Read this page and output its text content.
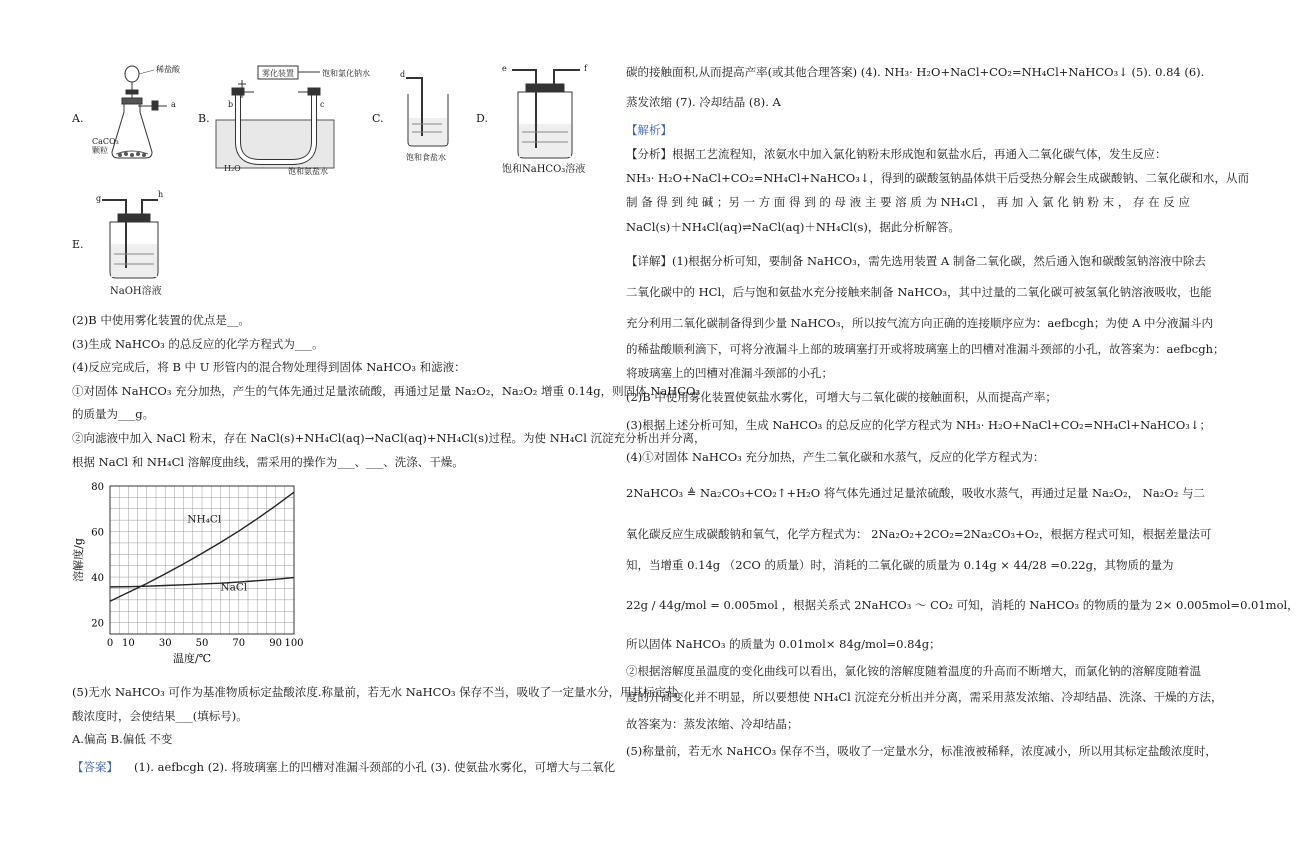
A.
稀盐酸
CaCO₃
颗粒
a
B.
雾化装置	饱和氯化钠水
b	c
H₂O	饱和氨盐水
C.
d
饱和食盐水
D.
e	f
饱和NaHCO₃溶液
E.
g	h
NaOH溶液
(2)B 中使用雾化装置的优点是__。
(3)生成 NaHCO₃ 的总反应的化学方程式为___。
(4)反应完成后，将 B 中 U 形管内的混合物处理得到固体 NaHCO₃ 和滤液：
①对固体 NaHCO₃ 充分加热，产生的气体先通过足量浓硫酸，再通过足量 Na₂O₂，Na₂O₂ 增重 0.14g，则固体 NaHCO₃
的质量为___g。
②向滤液中加入 NaCl 粉末，存在 NaCl(s)+NH₄Cl(aq)→NaCl(aq)+NH₄Cl(s)过程。为使 NH₄Cl 沉淀充分析出并分离，
根据 NaCl 和 NH₄Cl 溶解度曲线，需采用的操作为___、___、洗涤、干燥。
0 10 30 50 70 90 100
20
40
60
80
温度/℃
溶解度/g
NH₄Cl
NaCl
(5)无水 NaHCO₃ 可作为基准物质标定盐酸浓度.称量前，若无水 NaHCO₃ 保存不当，吸收了一定量水分，用其标定盐
酸浓度时，会使结果___(填标号)。
A.偏高 B.偏低 不变
【答案】 (1). aefbcgh (2). 将玻璃塞上的凹槽对准漏斗颈部的小孔 (3). 使氨盐水雾化，可增大与二氧化
碳的接触面积,从而提高产率(或其他合理答案) (4). NH₃· H₂O+NaCl+CO₂=NH₄Cl+NaHCO₃↓ (5). 0.84 (6).
蒸发浓缩 (7). 冷却结晶 (8). A
【解析】
【分析】根据工艺流程知，浓氨水中加入氯化钠粉末形成饱和氨盐水后，再通入二氧化碳气体，发生反应：
NH₃· H₂O+NaCl+CO₂=NH₄Cl+NaHCO₃↓，得到的碳酸氢钠晶体烘干后受热分解会生成碳酸钠、二氧化碳和水，从而
制 备 得 到 纯 碱 ；另 一 方 面 得 到 的 母 液 主 要 溶 质 为 NH₄Cl ， 再 加 入 氯 化 钠 粉 末 ， 存 在 反 应
NaCl(s)＋NH₄Cl(aq)⇌NaCl(aq)＋NH₄Cl(s)，据此分析解答。
【详解】(1)根据分析可知，要制备 NaHCO₃，需先选用装置 A 制备二氧化碳，然后通入饱和碳酸氢钠溶液中除去
二氧化碳中的 HCl，后与饱和氨盐水充分接触来制备 NaHCO₃，其中过量的二氧化碳可被氢氧化钠溶液吸收，也能
充分利用二氧化碳制备得到少量 NaHCO₃，所以按气流方向正确的连接顺序应为：aefbcgh；为使 A 中分液漏斗内
的稀盐酸顺利滴下，可将分液漏斗上部的玻璃塞打开或将玻璃塞上的凹槽对准漏斗颈部的小孔，故答案为：aefbcgh；
将玻璃塞上的凹槽对准漏斗颈部的小孔；
(2)B 中使用雾化装置使氨盐水雾化，可增大与二氧化碳的接触面积，从而提高产率；
(3)根据上述分析可知，生成 NaHCO₃ 的总反应的化学方程式为 NH₃· H₂O+NaCl+CO₂=NH₄Cl+NaHCO₃↓；
(4)①对固体 NaHCO₃ 充分加热，产生二氧化碳和水蒸气，反应的化学方程式为：
2NaHCO₃ ≜ Na₂CO₃+CO₂↑+H₂O 将气体先通过足量浓硫酸，吸收水蒸气，再通过足量 Na₂O₂， Na₂O₂ 与二
氧化碳反应生成碳酸钠和氧气，化学方程式为： 2Na₂O₂+2CO₂=2Na₂CO₃+O₂，根据方程式可知，根据差量法可
知，当增重 0.14g （2CO 的质量）时，消耗的二氧化碳的质量为 0.14g × 44/28 =0.22g，其物质的量为
22g / 44g/mol = 0.005mol ，根据关系式 2NaHCO₃ ～ CO₂ 可知，消耗的 NaHCO₃ 的物质的量为 2× 0.005mol=0.01mol，
所以固体 NaHCO₃ 的质量为 0.01mol× 84g/mol=0.84g；
②根据溶解度虽温度的变化曲线可以看出，氯化铵的溶解度随着温度的升高而不断增大，而氯化钠的溶解度随着温
度的升高变化并不明显，所以要想使 NH₄Cl 沉淀充分析出并分离，需采用蒸发浓缩、冷却结晶、洗涤、干燥的方法，
故答案为：蒸发浓缩、冷却结晶；
(5)称量前，若无水 NaHCO₃ 保存不当，吸收了一定量水分，标准液被稀释，浓度减小，所以用其标定盐酸浓度时，
